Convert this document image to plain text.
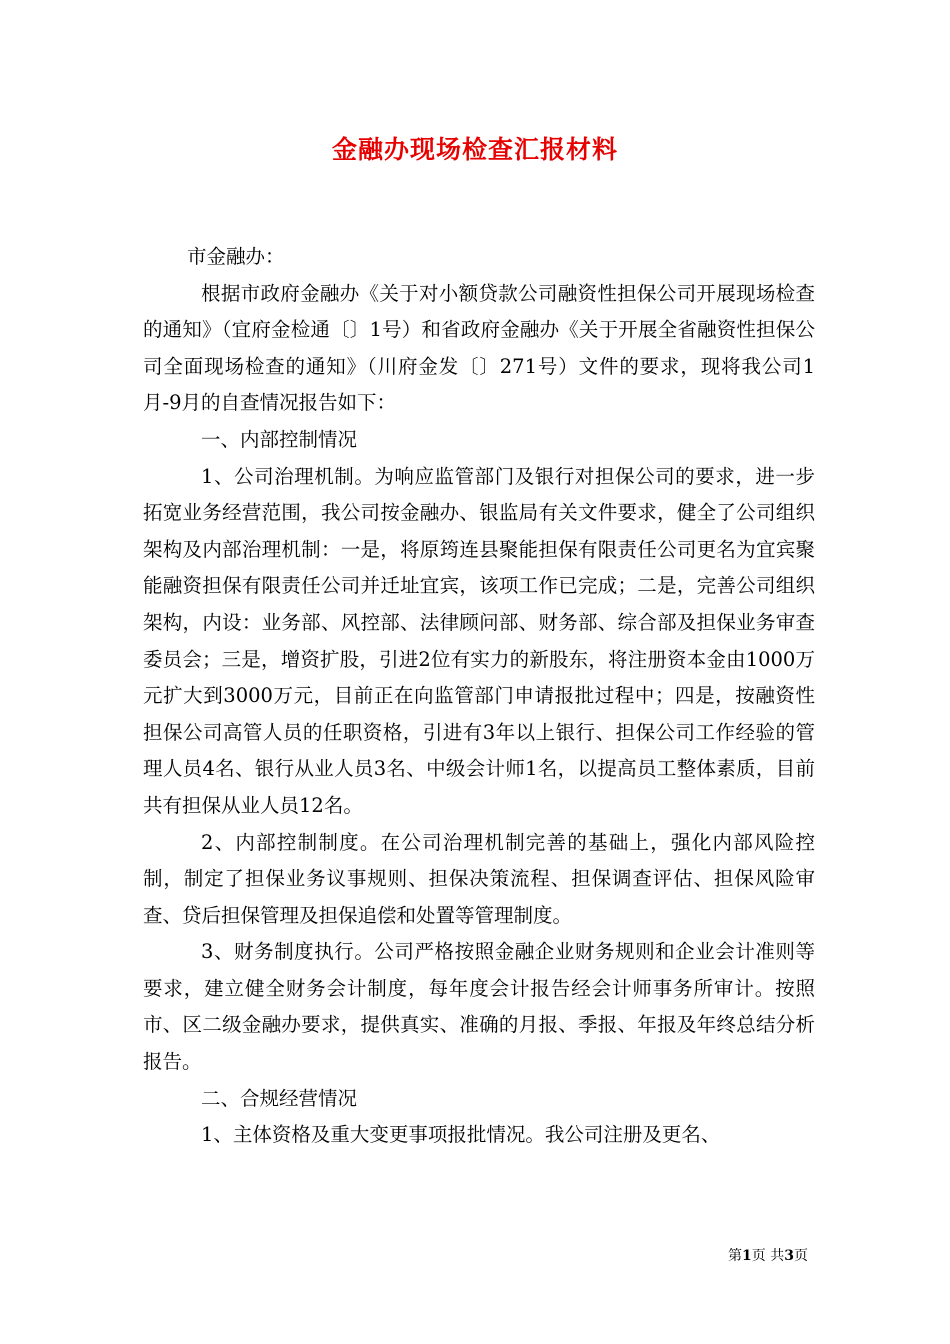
金融办现场检查汇报材料

市金融办：

根据市政府金融办《关于对小额贷款公司融资性担保公司开展现场检查的通知》（宜府金检通〔〕1号）和省政府金融办《关于开展全省融资性担保公司全面现场检查的通知》（川府金发〔〕271号）文件的要求，现将我公司1月-9月的自查情况报告如下：

一、内部控制情况

1、公司治理机制。为响应监管部门及银行对担保公司的要求，进一步拓宽业务经营范围，我公司按金融办、银监局有关文件要求，健全了公司组织架构及内部治理机制：一是，将原筠连县聚能担保有限责任公司更名为宜宾聚能融资担保有限责任公司并迁址宜宾，该项工作已完成；二是，完善公司组织架构，内设：业务部、风控部、法律顾问部、财务部、综合部及担保业务审查委员会；三是，增资扩股，引进2位有实力的新股东，将注册资本金由1000万元扩大到3000万元，目前正在向监管部门申请报批过程中；四是，按融资性担保公司高管人员的任职资格，引进有3年以上银行、担保公司工作经验的管理人员4名、银行从业人员3名、中级会计师1名，以提高员工整体素质，目前共有担保从业人员12名。

2、内部控制制度。在公司治理机制完善的基础上，强化内部风险控制，制定了担保业务议事规则、担保决策流程、担保调查评估、担保风险审查、贷后担保管理及担保追偿和处置等管理制度。

3、财务制度执行。公司严格按照金融企业财务规则和企业会计准则等要求，建立健全财务会计制度，每年度会计报告经会计师事务所审计。按照市、区二级金融办要求，提供真实、准确的月报、季报、年报及年终总结分析报告。

二、合规经营情况

1、主体资格及重大变更事项报批情况。我公司注册及更名、

第1页 共3页
